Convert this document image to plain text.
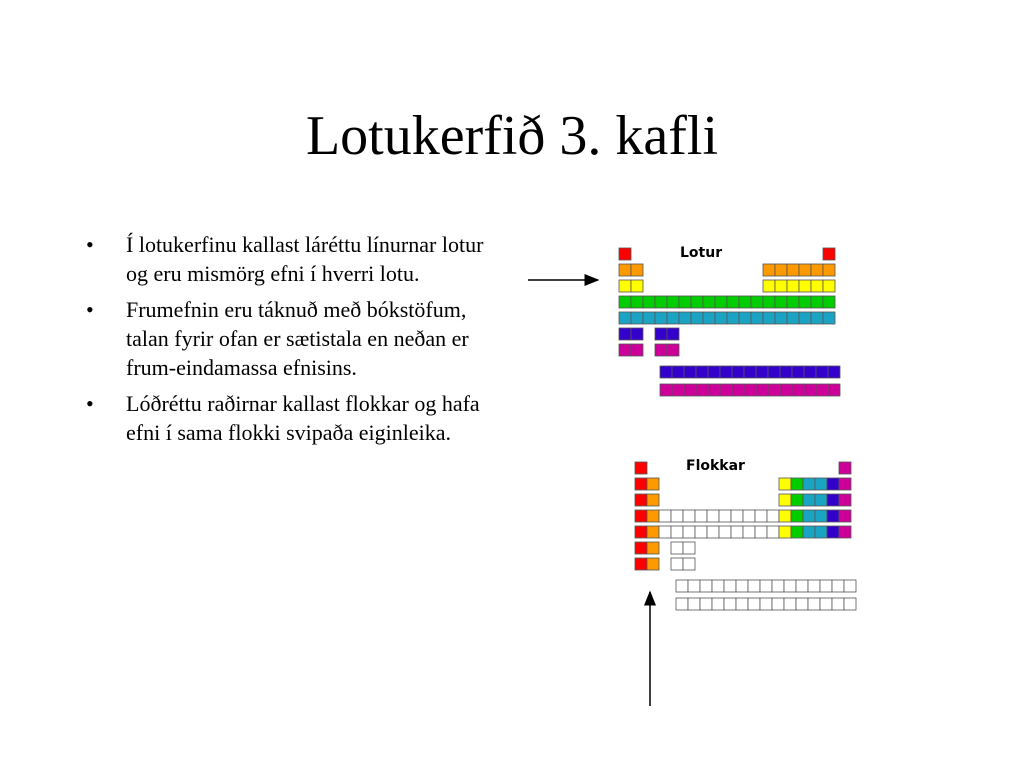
Lotukerfið 3. kafli
• Í lotukerfinu kallast láréttu línurnar lotur og eru mismörg efni í hverri lotu.
• Frumefnin eru táknuð með bókstöfum, talan fyrir ofan er sætistala en neðan er frum-eindamassa efnisins.
• Lóðréttu raðirnar kallast flokkar og hafa efni í sama flokki svipaða eiginleika.
Lotur
Flokkar
